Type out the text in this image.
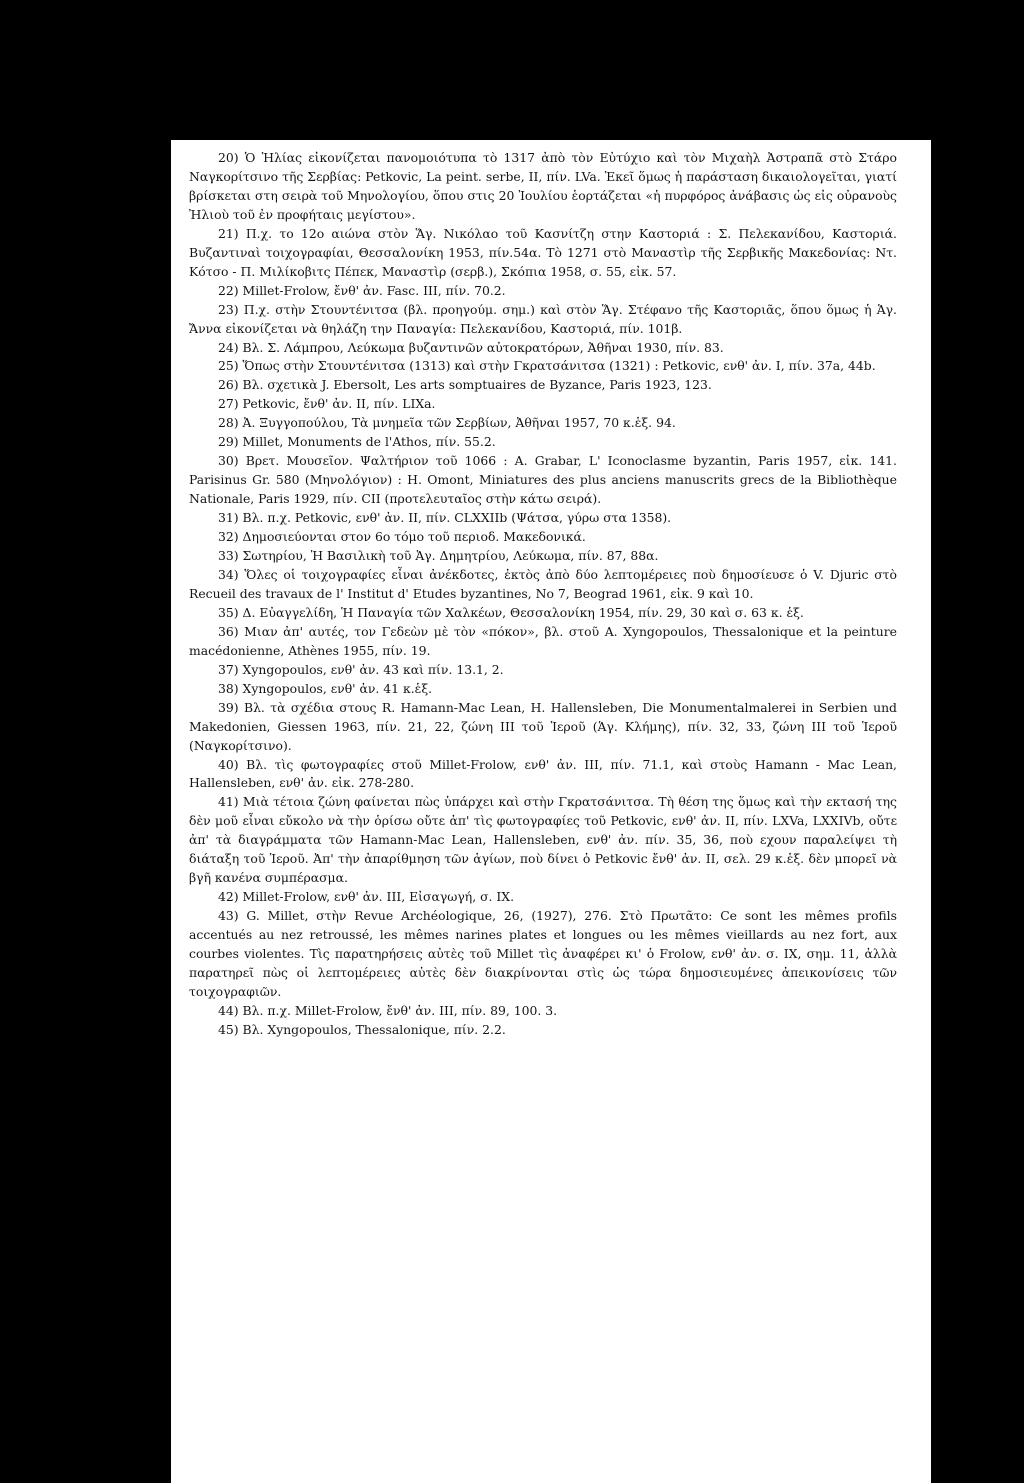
20) Ὁ Ἠλίας εἰκονίζεται πανομοιότυπα τὸ 1317 ἀπὸ τὸν Εὐτύχιο καὶ τὸν Μιχαὴλ Ἀστραπᾶ στὸ Στάρο Ναγκορίτσινο τῆς Σερβίας: Petkovic, La peint. serbe, II, πίν. LVa. Ἐκεῖ ὅμως ἡ παράσταση δικαιολογεῖται, γιατί βρίσκεται στη σειρὰ τοῦ Μηνολογίου, ὅπου στις 20 Ἰουλίου ἑορτάζεται «ἡ πυρφόρος ἀνάβασις ὡς εἰς οὐρανοὺς Ἠλιοὺ τοῦ ἐν προφήταις μεγίστου».

21) Π.χ. το 12ο αιώνα στὸν Ἅγ. Νικόλαο τοῦ Κασνίτζη στην Καστοριά : Σ. Πελεκανίδου, Καστοριά. Βυζαντιναὶ τοιχογραφίαι, Θεσσαλονίκη 1953, πίν.54α. Τὸ 1271 στὸ Μαναστὶρ τῆς Σερβικῆς Μακεδονίας: Ντ. Κότσο - Π. Μιλίκοβιτς Πέπεκ, Μαναστὶρ (σερβ.), Σκόπια 1958, σ. 55, εἰκ. 57.

22) Millet-Frolow, ἔνθ' ἀν. Fasc. III, πίν. 70.2.

23) Π.χ. στὴν Στουντένιτσα (βλ. προηγούμ. σημ.) καὶ στὸν Ἅγ. Στέφανο τῆς Καστοριᾶς, ὅπου ὅμως ἡ Ἁγ. Ἄννα εἰκονίζεται νὰ θηλάζη την Παναγία: Πελεκανίδου, Καστοριά, πίν. 101β.

24) Βλ. Σ. Λάμπρου, Λεύκωμα βυζαντινῶν αὐτοκρατόρων, Ἀθῆναι 1930, πίν. 83.

25) Ὅπως στὴν Στουντένιτσα (1313) καὶ στὴν Γκρατσάνιτσα (1321) : Petkovic, ενθ' ἀν. I, πίν. 37a, 44b.

26) Βλ. σχετικὰ J. Ebersolt, Les arts somptuaires de Byzance, Paris 1923, 123.

27) Petkovic, ἔνθ' ἀν. II, πίν. LIXa.

28) Ἀ. Ξυγγοπούλου, Τὰ μνημεῖα τῶν Σερβίων, Ἀθῆναι 1957, 70 κ.ἑξ. 94.

29) Millet, Monuments de l'Athos, πίν. 55.2.

30) Βρετ. Μουσεῖον. Ψαλτήριον τοῦ 1066 : Α. Grabar, L' Iconoclasme byzantin, Paris 1957, εἰκ. 141. Parisinus Gr. 580 (Μηνολόγιον) : H. Omont, Miniatures des plus anciens manuscrits grecs de la Bibliothèque Nationale, Paris 1929, πίν. CII (προτελευταῖος στὴν κάτω σειρά).

31) Βλ. π.χ. Petkovic, ενθ' ἀν. II, πίν. CLXXIIb (Ψάτσα, γύρω στα 1358).

32) Δημοσιεύονται στον 6ο τόμο τοῦ περιοδ. Μακεδονικά.

33) Σωτηρίου, Ἡ Βασιλικὴ τοῦ Ἁγ. Δημητρίου, Λεύκωμα, πίν. 87, 88α.

34) Ὅλες οἱ τοιχογραφίες εἶναι ἀνέκδοτες, ἐκτὸς ἀπὸ δύο λεπτομέρειες ποὺ δημοσίευσε ὁ V. Djuric στὸ Recueil des travaux de l' Institut d' Etudes byzantines, No 7, Beograd 1961, εἰκ. 9 καὶ 10.

35) Δ. Εὐαγγελίδη, Ἡ Παναγία τῶν Χαλκέων, Θεσσαλονίκη 1954, πίν. 29, 30 καὶ σ. 63 κ. ἑξ.

36) Μιαν ἀπ' αυτές, τον Γεδεὼν μὲ τὸν «πόκον», βλ. στοῦ Α. Xyngopoulos, Thessalonique et la peinture macédonienne, Athènes 1955, πίν. 19.

37) Xyngopoulos, ενθ' ἀν. 43 καὶ πίν. 13.1, 2.

38) Xyngopoulos, ενθ' ἀν. 41 κ.ἑξ.

39) Βλ. τὰ σχέδια στους R. Hamann-Mac Lean, H. Hallensleben, Die Monumentalmalerei in Serbien und Makedonien, Giessen 1963, πίν. 21, 22, ζώνη III τοῦ Ἱεροῦ (Ἁγ. Κλήμης), πίν. 32, 33, ζώνη III τοῦ Ἱεροῦ (Ναγκορίτσινο).

40) Βλ. τὶς φωτογραφίες στοῦ Millet-Frolow, ενθ' ἀν. III, πίν. 71.1, καὶ στοὺς Hamann - Mac Lean, Hallensleben, ενθ' ἀν. εἰκ. 278-280.

41) Μιὰ τέτοια ζώνη φαίνεται πὼς ὑπάρχει καὶ στὴν Γκρατσάνιτσα. Τὴ θέση της ὅμως καὶ τὴν εκτασή της δὲν μοῦ εἶναι εὔκολο νὰ τὴν ὁρίσω οὔτε ἀπ' τὶς φωτογραφίες τοῦ Petkovic, ενθ' ἀν. II, πίν. LXVa, LXXIVb, οὔτε ἀπ' τὰ διαγράμματα τῶν Hamann-Mac Lean, Hallensleben, ενθ' ἀν. πίν. 35, 36, ποὺ εχουν παραλείψει τὴ διάταξη τοῦ Ἱεροῦ. Ἀπ' τὴν ἀπαρίθμηση τῶν ἁγίων, ποὺ δίνει ὁ Petkovic ἔνθ' ἀν. II, σελ. 29 κ.ἑξ. δὲν μπορεῖ νὰ βγῆ κανένα συμπέρασμα.

42) Millet-Frolow, ενθ' ἀν. III, Εἰσαγωγή, σ. IX.

43) G. Millet, στὴν Revue Archéologique, 26, (1927), 276. Στὸ Πρωτᾶτο: Ce sont les mêmes profils accentués au nez retroussé, les mêmes narines plates et longues ou les mêmes vieillards au nez fort, aux courbes violentes. Τὶς παρατηρήσεις αὐτὲς τοῦ Millet τὶς ἀναφέρει κι' ὁ Frolow, ενθ' ἀν. σ. IX, σημ. 11, ἀλλὰ παρατηρεῖ πὼς οἱ λεπτομέρειες αὐτὲς δὲν διακρίνονται στὶς ὡς τώρα δημοσιευμένες ἀπεικονίσεις τῶν τοιχογραφιῶν.

44) Βλ. π.χ. Millet-Frolow, ἔνθ' ἀν. III, πίν. 89, 100. 3.

45) Βλ. Xyngopoulos, Thessalonique, πίν. 2.2.
